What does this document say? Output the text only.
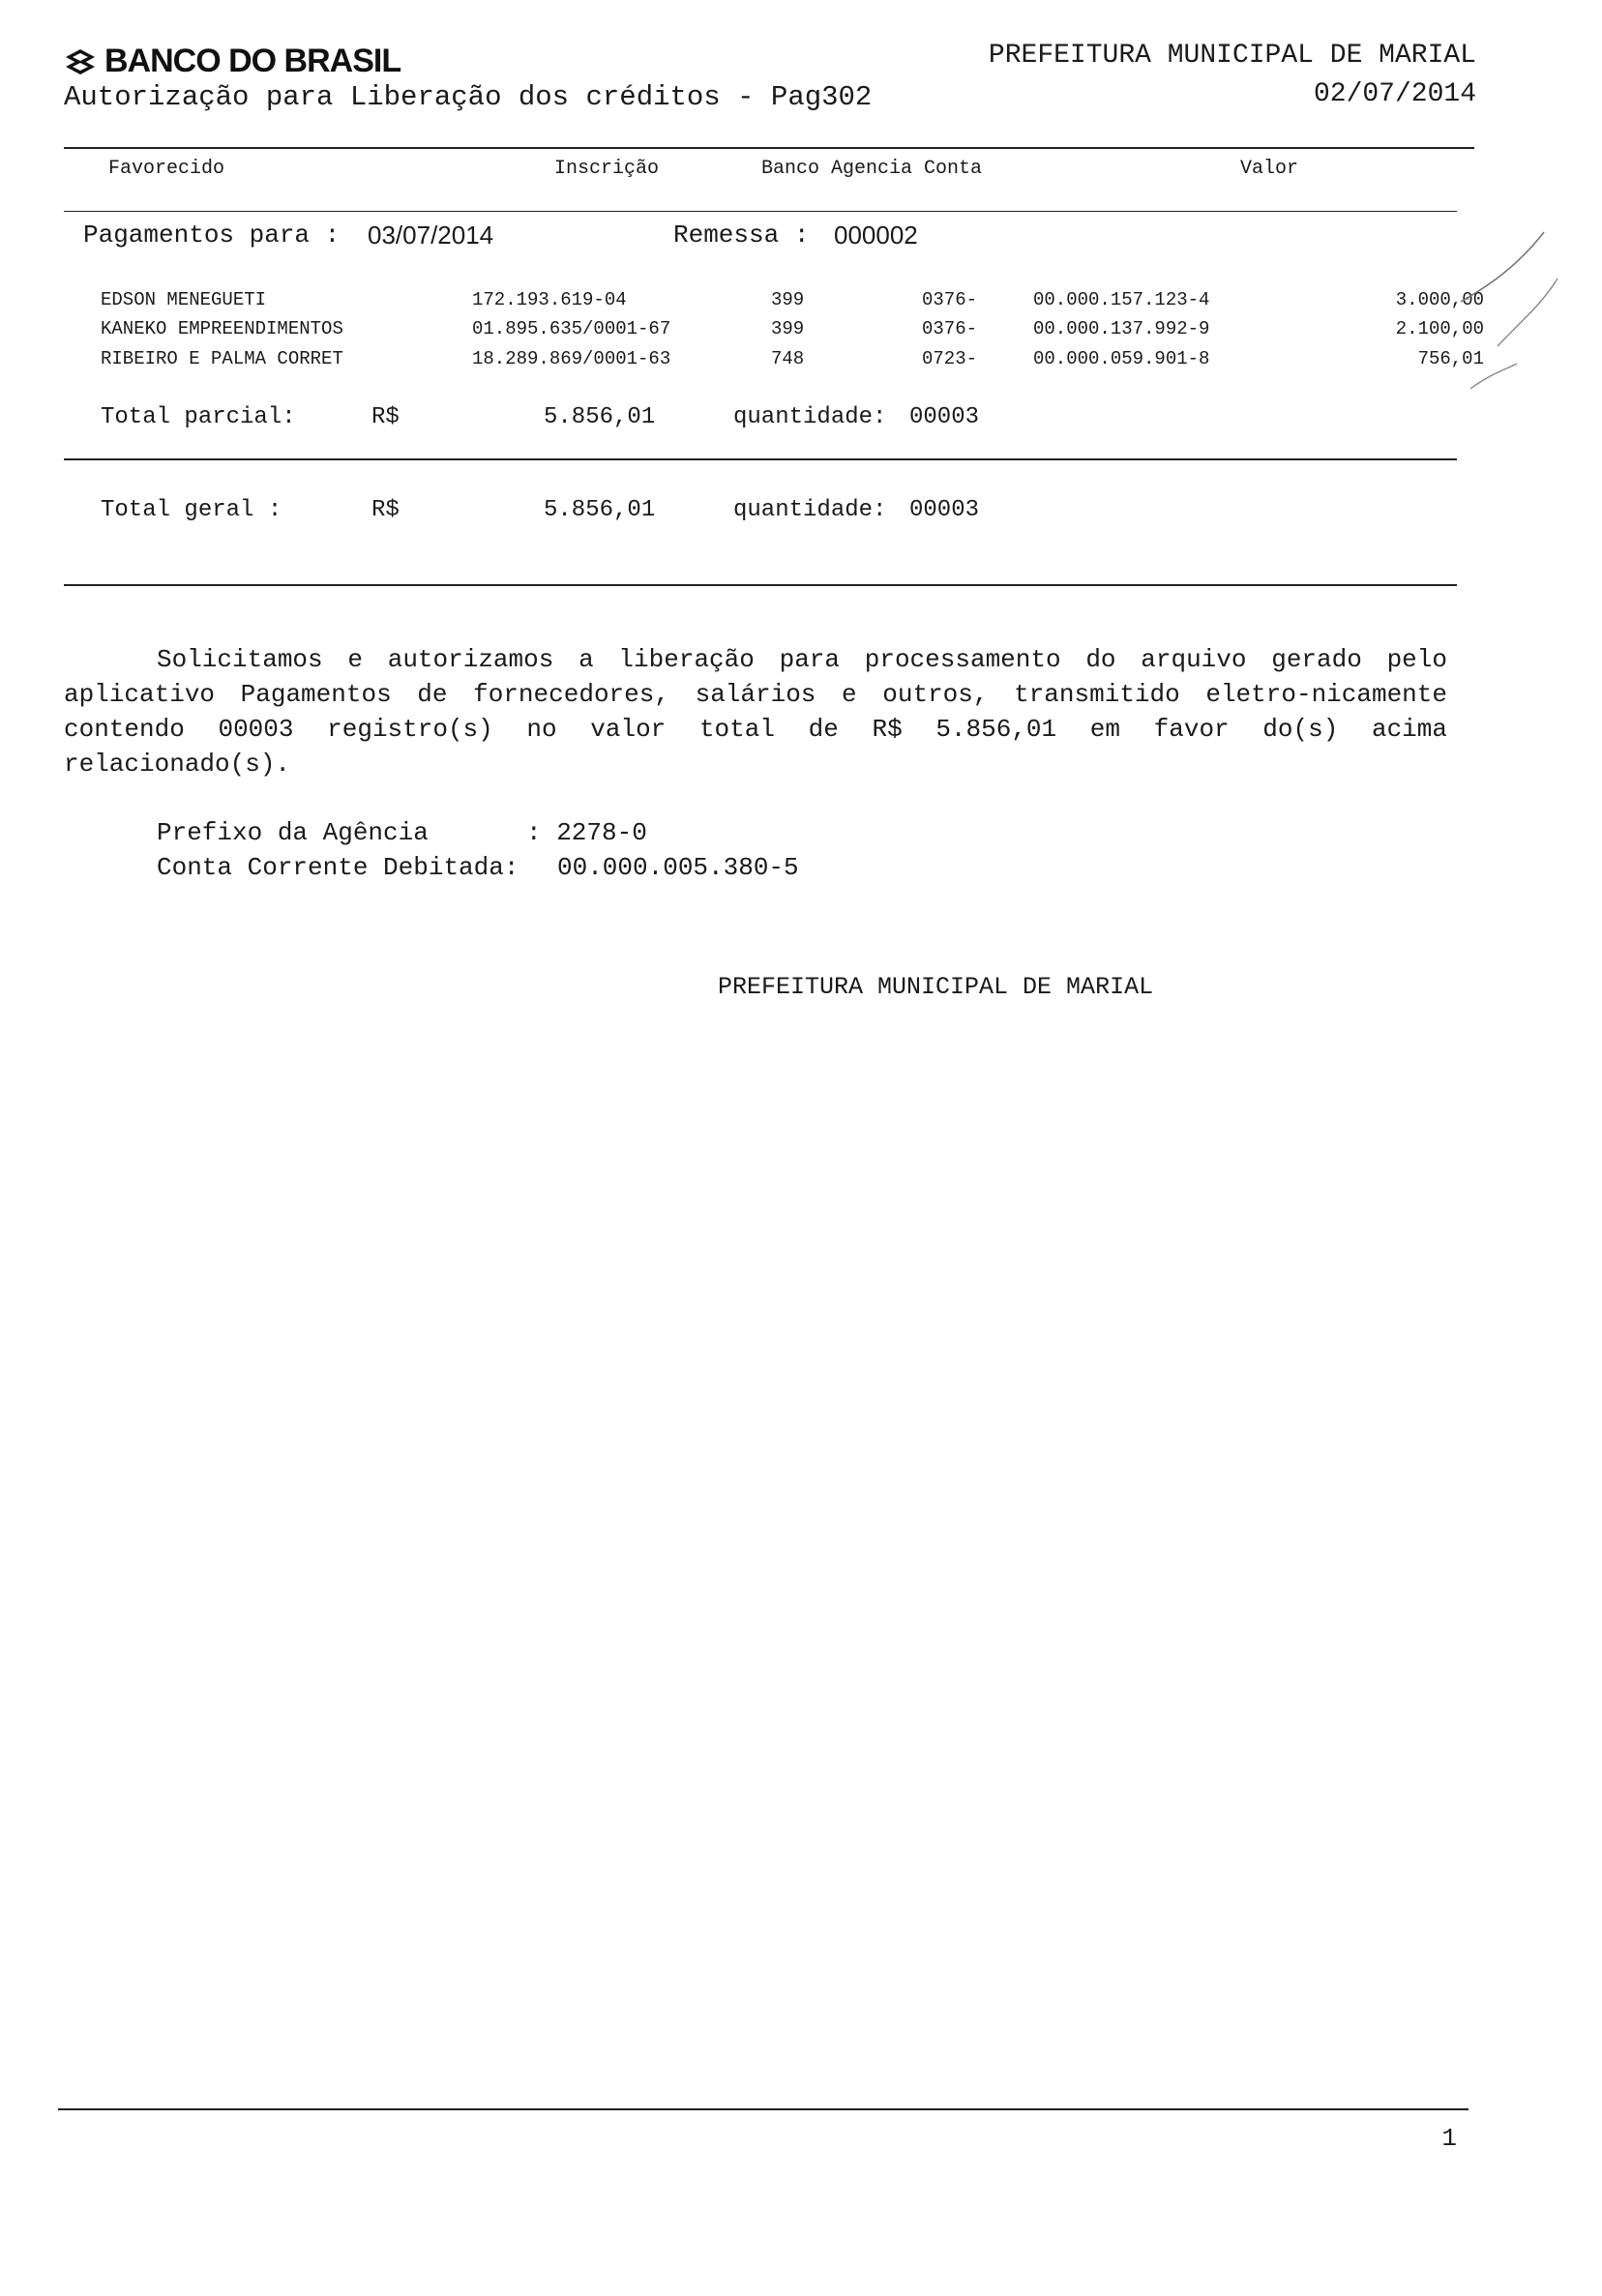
BANCO DO BRASIL
Autorização para Liberação dos créditos - Pag302
PREFEITURA MUNICIPAL DE MARIAL
02/07/2014
Favorecido	Inscrição	Banco Agencia Conta	Valor
Pagamentos para : 03/07/2014	Remessa : 000002
EDSON MENEGUETI	172.193.619-04	399	0376-	00.000.157.123-4	3.000,00
KANEKO EMPREENDIMENTOS	01.895.635/0001-67	399	0376-	00.000.137.992-9	2.100,00
RIBEIRO E PALMA CORRET	18.289.869/0001-63	748	0723-	00.000.059.901-8	756,01
Total parcial:	R$	5.856,01	quantidade: 00003
Total geral :	R$	5.856,01	quantidade: 00003

Solicitamos e autorizamos a liberação para processamento do arquivo gerado pelo aplicativo Pagamentos de fornecedores, salários e outros, transmitido eletro-nicamente contendo 00003 registro(s) no valor total de R$ 5.856,01 em favor do(s) acima relacionado(s).

Prefixo da Agência	: 2278-0
Conta Corrente Debitada: 00.000.005.380-5
PREFEITURA MUNICIPAL DE MARIAL
1
